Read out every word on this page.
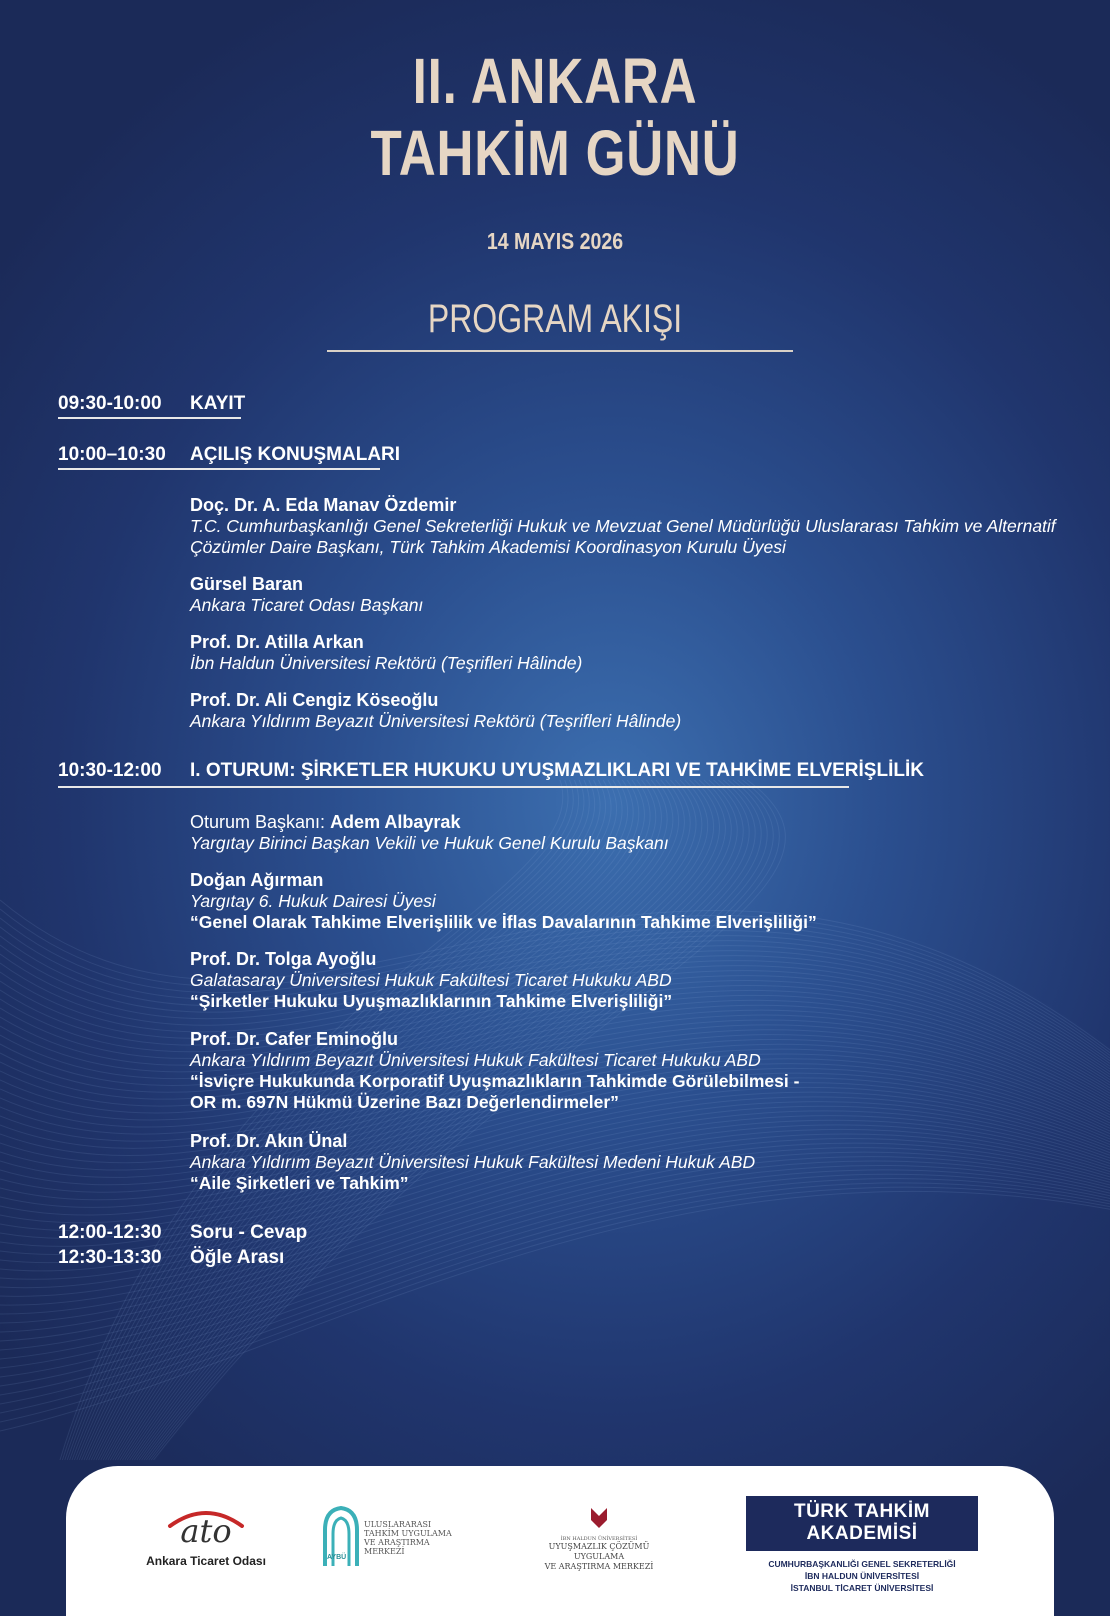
II. ANKARA
TAHKİM GÜNÜ
14 MAYIS 2026
PROGRAM AKIŞI
09:30-10:00 KAYIT
10:00–10:30 AÇILIŞ KONUŞMALARI
Doç. Dr. A. Eda Manav Özdemir
T.C. Cumhurbaşkanlığı Genel Sekreterliği Hukuk ve Mevzuat Genel Müdürlüğü Uluslararası Tahkim ve Alternatif Çözümler Daire Başkanı, Türk Tahkim Akademisi Koordinasyon Kurulu Üyesi
Gürsel Baran
Ankara Ticaret Odası Başkanı
Prof. Dr. Atilla Arkan
İbn Haldun Üniversitesi Rektörü (Teşrifleri Hâlinde)
Prof. Dr. Ali Cengiz Köseoğlu
Ankara Yıldırım Beyazıt Üniversitesi Rektörü (Teşrifleri Hâlinde)
10:30-12:00 I. OTURUM: ŞİRKETLER HUKUKU UYUŞMAZLIKLARI VE TAHKİME ELVERİŞLİLİK
Oturum Başkanı: Adem Albayrak
Yargıtay Birinci Başkan Vekili ve Hukuk Genel Kurulu Başkanı
Doğan Ağırman
Yargıtay 6. Hukuk Dairesi Üyesi
“Genel Olarak Tahkime Elverişlilik ve İflas Davalarının Tahkime Elverişliliği”
Prof. Dr. Tolga Ayoğlu
Galatasaray Üniversitesi Hukuk Fakültesi Ticaret Hukuku ABD
“Şirketler Hukuku Uyuşmazlıklarının Tahkime Elverişliliği”
Prof. Dr. Cafer Eminoğlu
Ankara Yıldırım Beyazıt Üniversitesi Hukuk Fakültesi Ticaret Hukuku ABD
“İsviçre Hukukunda Korporatif Uyuşmazlıkların Tahkimde Görülebilmesi - OR m. 697N Hükmü Üzerine Bazı Değerlendirmeler”
Prof. Dr. Akın Ünal
Ankara Yıldırım Beyazıt Üniversitesi Hukuk Fakültesi Medeni Hukuk ABD
“Aile Şirketleri ve Tahkim”
12:00-12:30 Soru - Cevap
12:30-13:30 Öğle Arası
ato
Ankara Ticaret Odası	AYBÜ
ULUSLARARASI
TAHKİM UYGULAMA
VE ARAŞTIRMA
MERKEZİ
İBN HALDUN ÜNİVERSİTESİ
UYUŞMAZLIK ÇÖZÜMÜ UYGULAMA
VE ARAŞTIRMA MERKEZİ
TÜRK TAHKİM AKADEMİSİ
CUMHURBAŞKANLIĞI GENEL SEKRETERLİĞİ
İBN HALDUN ÜNİVERSİTESİ
İSTANBUL TİCARET ÜNİVERSİTESİ
